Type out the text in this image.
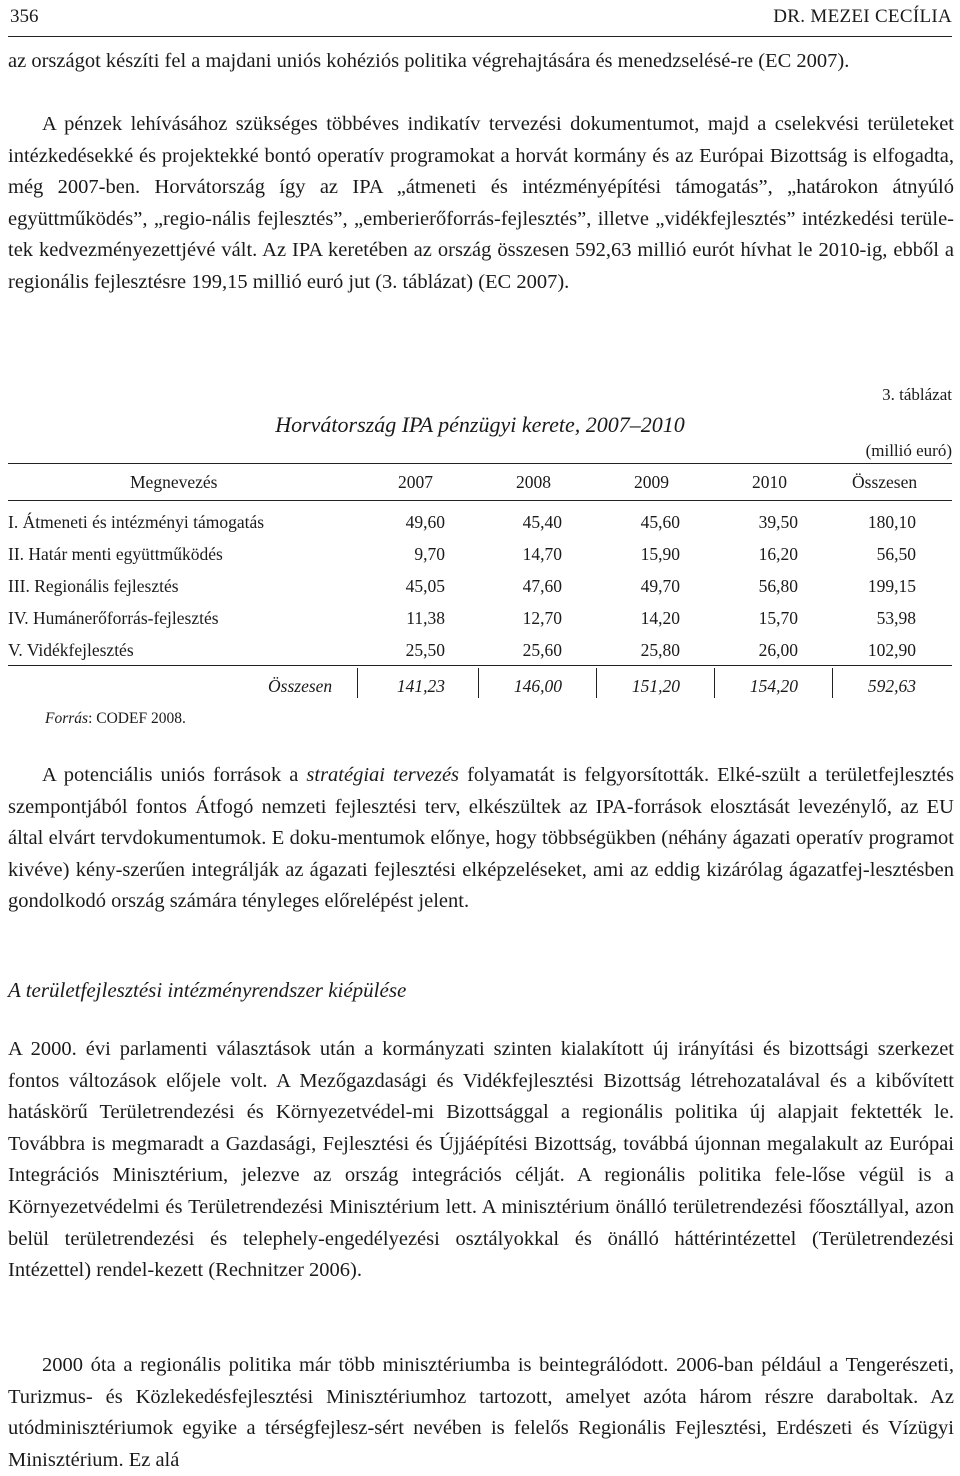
356	DR. MEZEI CECÍLIA

az országot készíti fel a majdani uniós kohéziós politika végrehajtására és menedzselésé-re (EC 2007).

A pénzek lehívásához szükséges többéves indikatív tervezési dokumentumot, majd a cselekvési területeket intézkedésekké és projektekké bontó operatív programokat a horvát kormány és az Európai Bizottság is elfogadta, még 2007-ben. Horvátország így az IPA „átmeneti és intézményépítési támogatás”, „határokon átnyúló együttműködés”, „regio-nális fejlesztés”, „emberierőforrás-fejlesztés”, illetve „vidékfejlesztés” intézkedési terüle-tek kedvezményezettjévé vált. Az IPA keretében az ország összesen 592,63 millió eurót hívhat le 2010-ig, ebből a regionális fejlesztésre 199,15 millió euró jut (3. táblázat) (EC 2007).

3. táblázat
Horvátország IPA pénzügyi kerete, 2007–2010
(millió euró)
Megnevezés	2007	2008	2009	2010	Összesen
I. Átmeneti és intézményi támogatás	49,60	45,40	45,60	39,50	180,10
II. Határ menti együttműködés	9,70	14,70	15,90	16,20	56,50
III. Regionális fejlesztés	45,05	47,60	49,70	56,80	199,15
IV. Humánerőforrás-fejlesztés	11,38	12,70	14,20	15,70	53,98
V. Vidékfejlesztés	25,50	25,60	25,80	26,00	102,90
Összesen	141,23	146,00	151,20	154,20	592,63
Forrás: CODEF 2008.

A potenciális uniós források a stratégiai tervezés folyamatát is felgyorsították. Elké-szült a területfejlesztés szempontjából fontos Átfogó nemzeti fejlesztési terv, elkészültek az IPA-források elosztását levezénylő, az EU által elvárt tervdokumentumok. E doku-mentumok előnye, hogy többségükben (néhány ágazati operatív programot kivéve) kény-szerűen integrálják az ágazati fejlesztési elképzeléseket, ami az eddig kizárólag ágazatfej-lesztésben gondolkodó ország számára tényleges előrelépést jelent.

A területfejlesztési intézményrendszer kiépülése

A 2000. évi parlamenti választások után a kormányzati szinten kialakított új irányítási és bizottsági szerkezet fontos változások előjele volt. A Mezőgazdasági és Vidékfejlesztési Bizottság létrehozatalával és a kibővített hatáskörű Területrendezési és Környezetvédel-mi Bizottsággal a regionális politika új alapjait fektették le. Továbbra is megmaradt a Gazdasági, Fejlesztési és Újjáépítési Bizottság, továbbá újonnan megalakult az Európai Integrációs Minisztérium, jelezve az ország integrációs célját. A regionális politika fele-lőse végül is a Környezetvédelmi és Területrendezési Minisztérium lett. A minisztérium önálló területrendezési főosztállyal, azon belül területrendezési és telephely-engedélyezési osztályokkal és önálló háttérintézettel (Területrendezési Intézettel) rendel-kezett (Rechnitzer 2006).

2000 óta a regionális politika már több minisztériumba is beintegrálódott. 2006-ban például a Tengerészeti, Turizmus- és Közlekedésfejlesztési Minisztériumhoz tartozott, amelyet azóta három részre daraboltak. Az utódminisztériumok egyike a térségfejlesz-sért nevében is felelős Regionális Fejlesztési, Erdészeti és Vízügyi Minisztérium. Ez alá
